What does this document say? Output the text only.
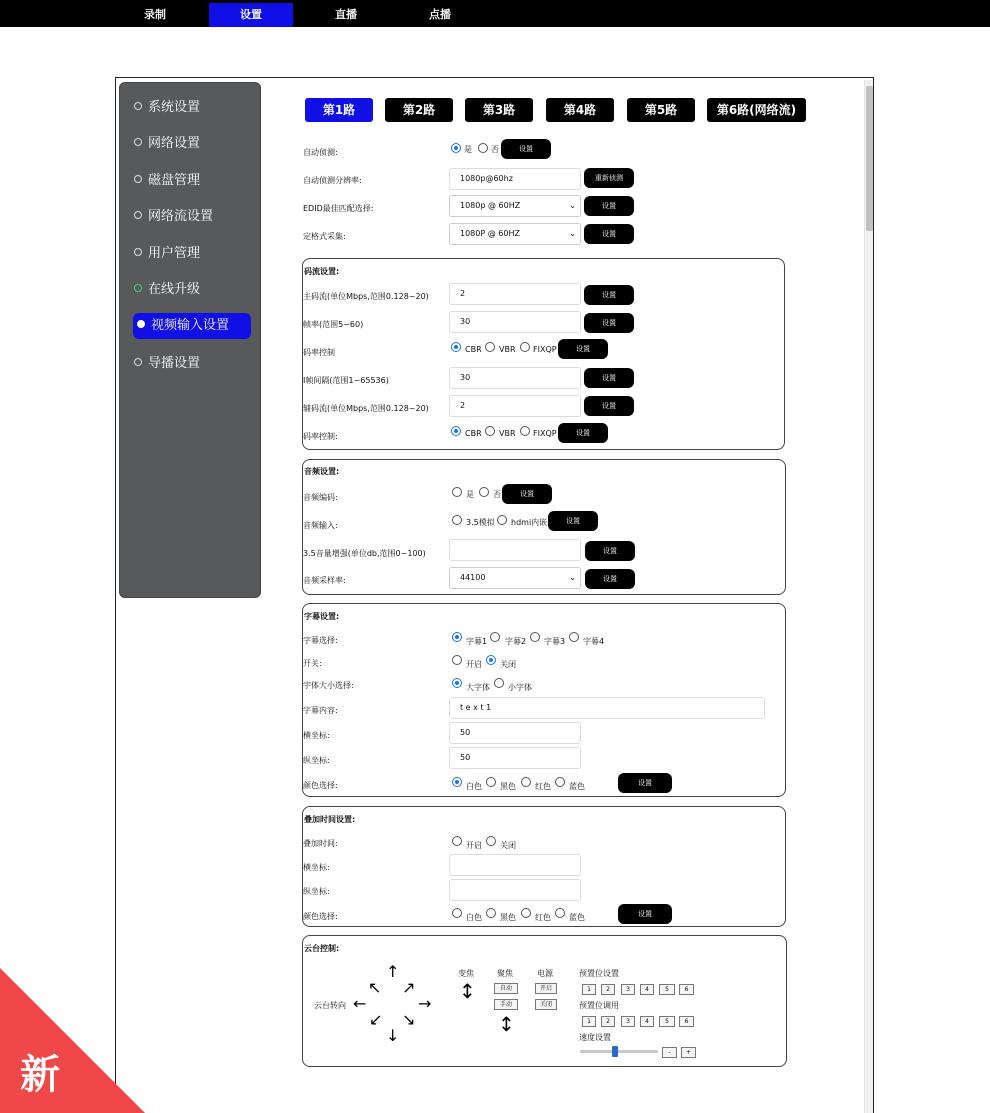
录制	设置	直播	点播
系统设置
网络设置
磁盘管理
网络流设置
用户管理
在线升级
视频输入设置
导播设置
第1路	第2路	第3路	第4路	第5路	第6路(网络流)
自动侦测:	是 否	设置
自动侦测分辨率:	1080p@60hz	重新侦测
EDID最佳匹配选择:	1080p @ 60HZ	⌄	设置
定格式采集:	1080P @ 60HZ	⌄	设置
码流设置:
主码流(单位Mbps,范围0.128~20)	2	设置
帧率(范围5~60)	30	设置
码率控制	CBR VBR FIXQP	设置
I帧间隔(范围1~65536)	30	设置
辅码流(单位Mbps,范围0.128~20)	2	设置
码率控制:	CBR VBR FIXQP	设置
音频设置:
音频编码:	是 否	设置
音频输入:	3.5模拟 hdmi内嵌	设置
3.5音量增强(单位db,范围0~100)	设置
音频采样率:	44100	⌄	设置
字幕设置:
字幕选择:	字幕1 字幕2 字幕3 字幕4
开关:	开启 关闭
字体大小选择:	大字体 小字体
字幕内容:	t e x t 1
横坐标:	50
纵坐标:	50
颜色选择:	白色 黑色 红色 蓝色	设置
叠加时间设置:
叠加时间:	开启 关闭
横坐标:
纵坐标:
颜色选择:	白色 黑色 红色 蓝色	设置
云台控制:
云台转向
↑
↓
←	→
↖ ↗
↙ ↘
变焦
↕
聚焦
自动
手动
↕
电源
开启
关闭
预置位设置
1	2	3	4	5	6
预置位调用
1	2	3	4	5	6
速度设置
-	+
新
